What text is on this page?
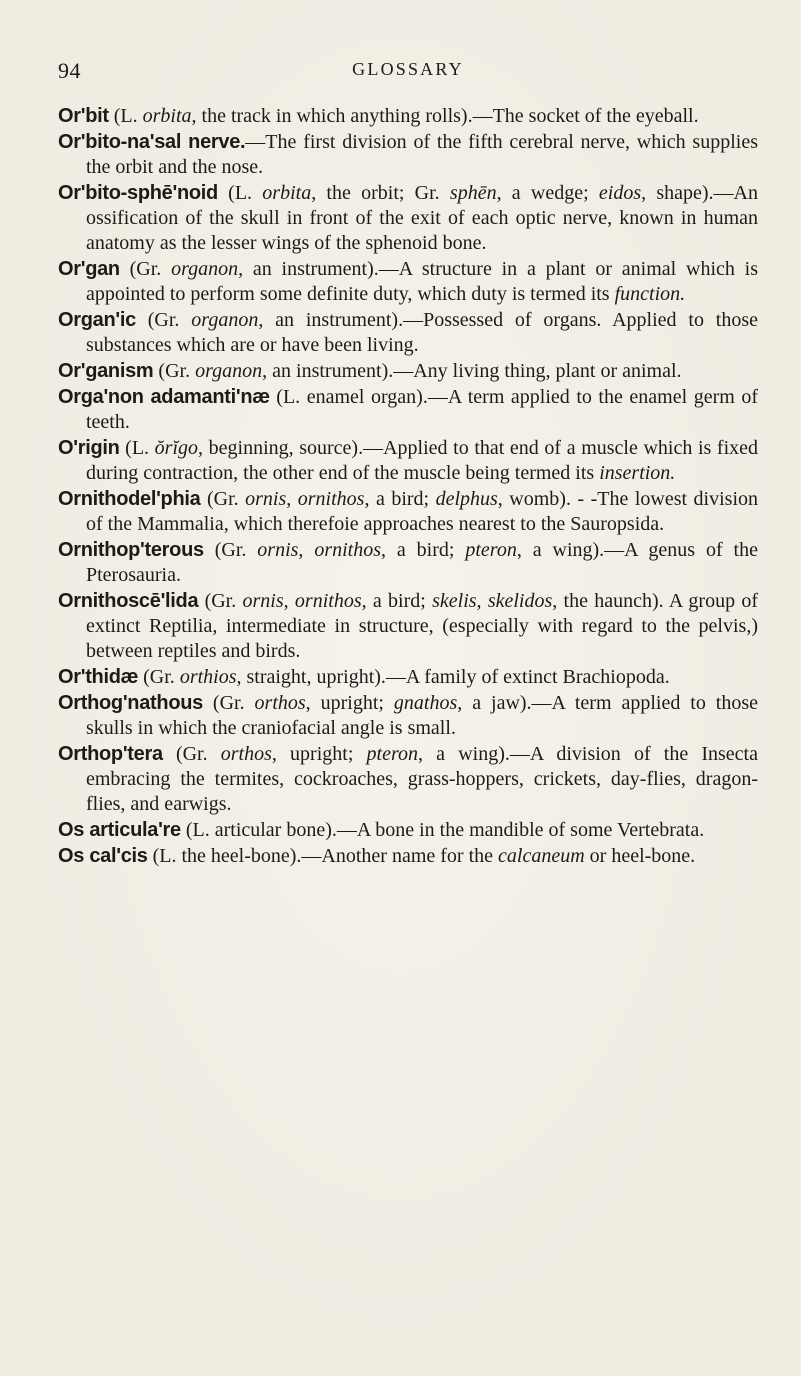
94	GLOSSARY

Or'bit (L. orbita, the track in which anything rolls).—The socket of the eyeball.

Or'bito-na'sal nerve.—The first division of the fifth cerebral nerve, which supplies the orbit and the nose.

Or'bito-sphē'noid (L. orbita, the orbit; Gr. sphēn, a wedge; eidos, shape).—An ossification of the skull in front of the exit of each optic nerve, known in human anatomy as the lesser wings of the sphenoid bone.

Or'gan (Gr. organon, an instrument).—A structure in a plant or animal which is appointed to perform some definite duty, which duty is termed its function.

Organ'ic (Gr. organon, an instrument).—Possessed of organs. Applied to those substances which are or have been living.

Or'ganism (Gr. organon, an instrument).—Any living thing, plant or animal.

Orga'non adamanti'næ (L. enamel organ).—A term applied to the enamel germ of teeth.

O'rigin (L. ŏrĭgo, beginning, source).—Applied to that end of a muscle which is fixed during contraction, the other end of the muscle being termed its insertion.

Ornithodel'phia (Gr. ornis, ornithos, a bird; delphus, womb). - -The lowest division of the Mammalia, which therefoie approaches nearest to the Sauropsida.

Ornithop'terous (Gr. ornis, ornithos, a bird; pteron, a wing).—A genus of the Pterosauria.

Ornithoscē'lida (Gr. ornis, ornithos, a bird; skelis, skelidos, the haunch). A group of extinct Reptilia, intermediate in structure, (especially with regard to the pelvis,) between reptiles and birds.

Or'thidæ (Gr. orthios, straight, upright).—A family of extinct Brachiopoda.

Orthog'nathous (Gr. orthos, upright; gnathos, a jaw).—A term applied to those skulls in which the craniofacial angle is small.

Orthop'tera (Gr. orthos, upright; pteron, a wing).—A division of the Insecta embracing the termites, cockroaches, grass-hoppers, crickets, day-flies, dragon-flies, and earwigs.

Os articula're (L. articular bone).—A bone in the mandible of some Vertebrata.

Os cal'cis (L. the heel-bone).—Another name for the calcaneum or heel-bone.
